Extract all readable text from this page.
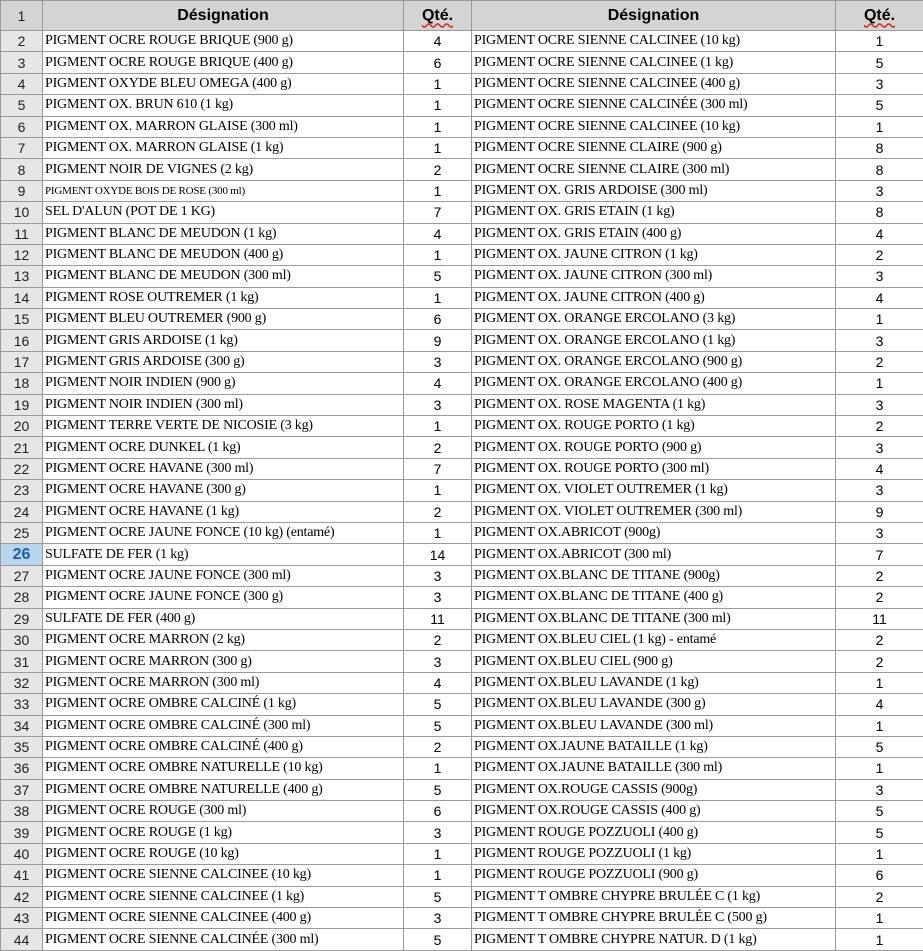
1	Désignation	Qté.	Désignation	Qté.
2	PIGMENT OCRE ROUGE BRIQUE (900 g)	4	PIGMENT OCRE SIENNE CALCINEE (10 kg)	1
3	PIGMENT OCRE ROUGE BRIQUE (400 g)	6	PIGMENT OCRE SIENNE CALCINEE (1 kg)	5
4	PIGMENT OXYDE BLEU OMEGA (400 g)	1	PIGMENT OCRE SIENNE CALCINEE (400 g)	3
5	PIGMENT OX. BRUN 610 (1 kg)	1	PIGMENT OCRE SIENNE CALCINÉE (300 ml)	5
6	PIGMENT OX. MARRON GLAISE (300 ml)	1	PIGMENT OCRE SIENNE CALCINEE (10 kg)	1
7	PIGMENT OX. MARRON GLAISE (1 kg)	1	PIGMENT OCRE SIENNE CLAIRE (900 g)	8
8	PIGMENT NOIR DE VIGNES (2 kg)	2	PIGMENT OCRE SIENNE CLAIRE (300 ml)	8
9	PIGMENT OXYDE BOIS DE ROSE (300 ml)	1	PIGMENT OX. GRIS ARDOISE (300 ml)	3
10	SEL D'ALUN (POT DE 1 KG)	7	PIGMENT OX. GRIS ETAIN (1 kg)	8
11	PIGMENT BLANC DE MEUDON (1 kg)	4	PIGMENT OX. GRIS ETAIN (400 g)	4
12	PIGMENT BLANC DE MEUDON (400 g)	1	PIGMENT OX. JAUNE CITRON (1 kg)	2
13	PIGMENT BLANC DE MEUDON (300 ml)	5	PIGMENT OX. JAUNE CITRON (300 ml)	3
14	PIGMENT ROSE OUTREMER (1 kg)	1	PIGMENT OX. JAUNE CITRON (400 g)	4
15	PIGMENT BLEU OUTREMER (900 g)	6	PIGMENT OX. ORANGE ERCOLANO (3 kg)	1
16	PIGMENT GRIS ARDOISE (1 kg)	9	PIGMENT OX. ORANGE ERCOLANO (1 kg)	3
17	PIGMENT GRIS ARDOISE (300 g)	3	PIGMENT OX. ORANGE ERCOLANO (900 g)	2
18	PIGMENT NOIR INDIEN (900 g)	4	PIGMENT OX. ORANGE ERCOLANO (400 g)	1
19	PIGMENT NOIR INDIEN (300 ml)	3	PIGMENT OX. ROSE MAGENTA (1 kg)	3
20	PIGMENT TERRE VERTE DE NICOSIE (3 kg)	1	PIGMENT OX. ROUGE PORTO (1 kg)	2
21	PIGMENT OCRE DUNKEL (1 kg)	2	PIGMENT OX. ROUGE PORTO (900 g)	3
22	PIGMENT OCRE HAVANE (300 ml)	7	PIGMENT OX. ROUGE PORTO (300 ml)	4
23	PIGMENT OCRE HAVANE (300 g)	1	PIGMENT OX. VIOLET OUTREMER (1 kg)	3
24	PIGMENT OCRE HAVANE (1 kg)	2	PIGMENT OX. VIOLET OUTREMER (300 ml)	9
25	PIGMENT OCRE JAUNE FONCE (10 kg) (entamé)	1	PIGMENT OX.ABRICOT (900g)	3
26	SULFATE DE FER (1 kg)	14	PIGMENT OX.ABRICOT (300 ml)	7
27	PIGMENT OCRE JAUNE FONCE (300 ml)	3	PIGMENT OX.BLANC DE TITANE (900g)	2
28	PIGMENT OCRE JAUNE FONCE (300 g)	3	PIGMENT OX.BLANC DE TITANE (400 g)	2
29	SULFATE DE FER (400 g)	11	PIGMENT OX.BLANC DE TITANE (300 ml)	11
30	PIGMENT OCRE MARRON (2 kg)	2	PIGMENT OX.BLEU CIEL (1 kg) - entamé	2
31	PIGMENT OCRE MARRON (300 g)	3	PIGMENT OX.BLEU CIEL (900 g)	2
32	PIGMENT OCRE MARRON (300 ml)	4	PIGMENT OX.BLEU LAVANDE (1 kg)	1
33	PIGMENT OCRE OMBRE CALCINÉ (1 kg)	5	PIGMENT OX.BLEU LAVANDE (300 g)	4
34	PIGMENT OCRE OMBRE CALCINÉ (300 ml)	5	PIGMENT OX.BLEU LAVANDE (300 ml)	1
35	PIGMENT OCRE OMBRE CALCINÉ (400 g)	2	PIGMENT OX.JAUNE BATAILLE (1 kg)	5
36	PIGMENT OCRE OMBRE NATURELLE (10 kg)	1	PIGMENT OX.JAUNE BATAILLE (300 ml)	1
37	PIGMENT OCRE OMBRE NATURELLE (400 g)	5	PIGMENT OX.ROUGE CASSIS (900g)	3
38	PIGMENT OCRE ROUGE (300 ml)	6	PIGMENT OX.ROUGE CASSIS (400 g)	5
39	PIGMENT OCRE ROUGE (1 kg)	3	PIGMENT ROUGE POZZUOLI (400 g)	5
40	PIGMENT OCRE ROUGE (10 kg)	1	PIGMENT ROUGE POZZUOLI (1 kg)	1
41	PIGMENT OCRE SIENNE CALCINEE (10 kg)	1	PIGMENT ROUGE POZZUOLI (900 g)	6
42	PIGMENT OCRE SIENNE CALCINEE (1 kg)	5	PIGMENT T OMBRE CHYPRE BRULÉE C (1 kg)	2
43	PIGMENT OCRE SIENNE CALCINEE (400 g)	3	PIGMENT T OMBRE CHYPRE BRULÉE C (500 g)	1
44	PIGMENT OCRE SIENNE CALCINÉE (300 ml)	5	PIGMENT T OMBRE CHYPRE NATUR. D (1 kg)	1
